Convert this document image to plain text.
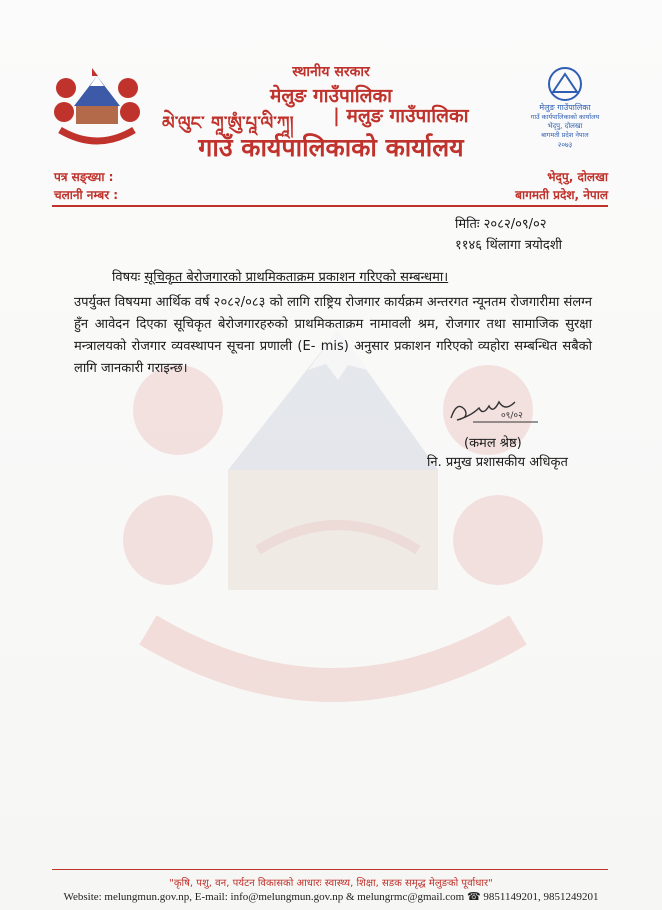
मेलुङ गाउँपालिका
गाउँ कार्यपालिकाको कार्यालय
भेद्पु, दोलखा
बागमती प्रदेश नेपाल
२०७३
स्थानीय सरकार
मेलुङ गाउँपालिका
མེ་ལུང་ གཱ་ཨུཾ་པཱ་ལི་ཀཱ། | मलुङ गाउँपालिका
गाउँ कार्यपालिकाको कार्यालय
पत्र सङ्ख्या :
चलानी नम्बर :
भेद्पु, दोलखा
बागमती प्रदेश, नेपाल
मितिः २०८२/०९/०२
११४६ थिंलागा त्रयोदशी
विषयः सूचिकृत बेरोजगारको प्राथमिकताक्रम प्रकाशन गरिएको सम्बन्धमा।
उपर्युक्त विषयमा आर्थिक वर्ष २०८२/०८३ को लागि राष्ट्रिय रोजगार कार्यक्रम अन्तरगत न्यूनतम रोजगारीमा संलग्न हुँन आवेदन दिएका सूचिकृत बेरोजगारहरुको प्राथमिकताक्रम नामावली श्रम, रोजगार तथा सामाजिक सुरक्षा मन्त्रालयको रोजगार व्यवस्थापन सूचना प्रणाली (E- mis) अनुसार प्रकाशन गरिएको व्यहोरा सम्बन्धित सबैको लागि जानकारी गराइन्छ।
०९/०२
(कमल श्रेष्ठ)
नि. प्रमुख प्रशासकीय अधिकृत
"कृषि, पशु, वन, पर्यटन विकासको आधारः स्वास्थ्य, शिक्षा, सडक समृद्ध मेलुङको पूर्वाधार"
Website: melungmun.gov.np, E-mail: info@melungmun.gov.np & melungrmc@gmail.com ☎ 9851149201, 9851249201
